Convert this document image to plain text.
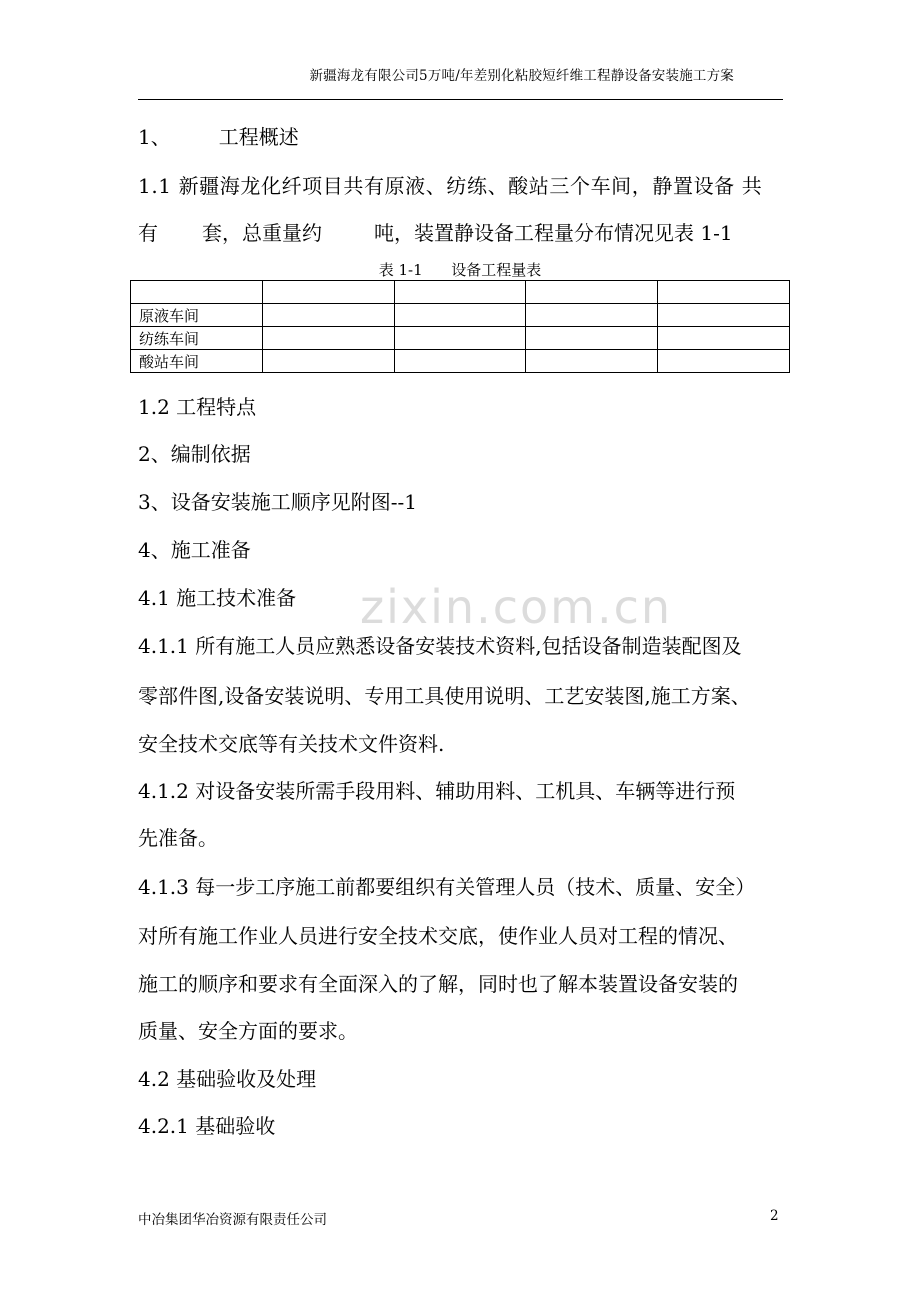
新疆海龙有限公司5万吨/年差别化粘胶短纤维工程静设备安装施工方案
1、 工程概述
1.1 新疆海龙化纤项目共有原液、纺练、酸站三个车间，静置设备 共
有 套，总重量约	吨，装置静设备工程量分布情况见表 1-1
表 1-1      设备工程量表

原液车间				
纺练车间				
酸站车间				
1.2 工程特点
2、编制依据
3、设备安装施工顺序见附图--1
4、施工准备
4.1 施工技术准备 zixin.com.cn
4.1.1 所有施工人员应熟悉设备安装技术资料,包括设备制造装配图及
零部件图,设备安装说明、专用工具使用说明、工艺安装图,施工方案、
安全技术交底等有关技术文件资料.
4.1.2 对设备安装所需手段用料、辅助用料、工机具、车辆等进行预
先准备。
4.1.3 每一步工序施工前都要组织有关管理人员（技术、质量、安全）
对所有施工作业人员进行安全技术交底，使作业人员对工程的情况、
施工的顺序和要求有全面深入的了解，同时也了解本装置设备安装的
质量、安全方面的要求。
4.2 基础验收及处理
4.2.1 基础验收
中冶集团华冶资源有限责任公司	2
